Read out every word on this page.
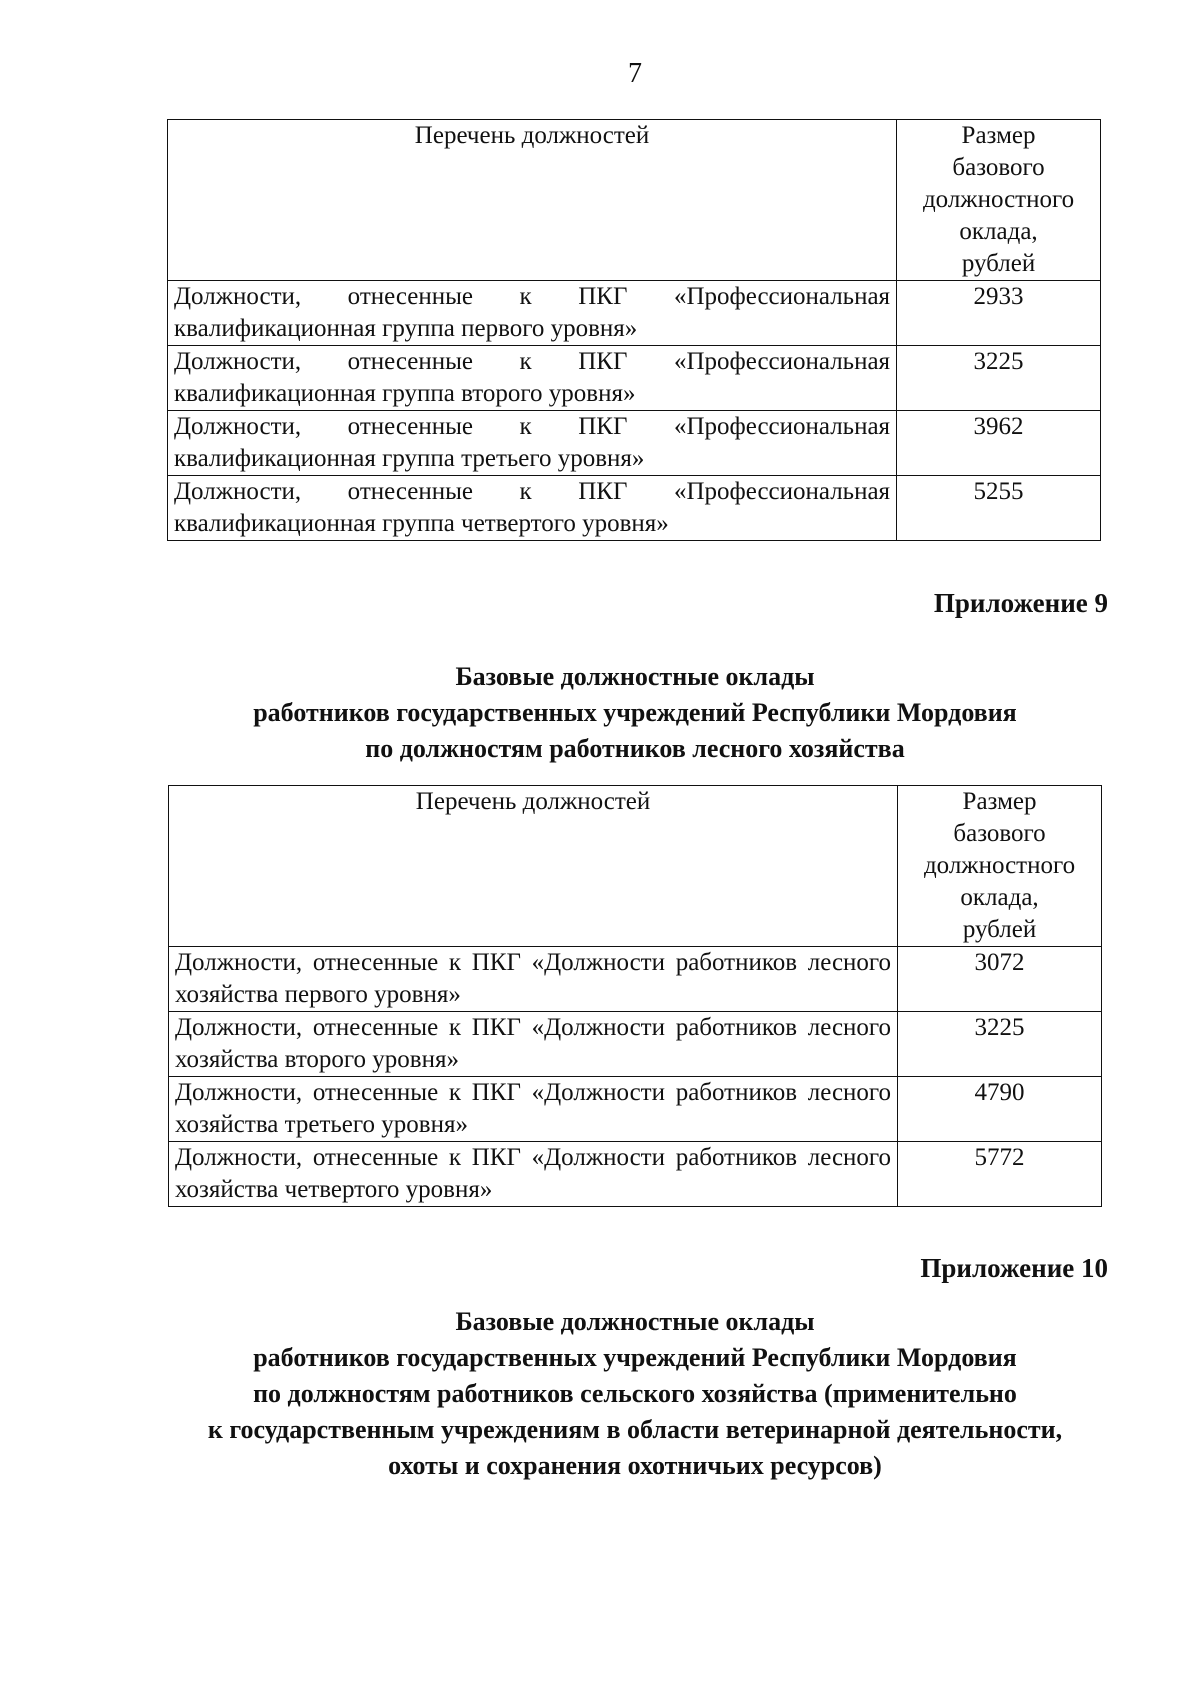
7
Перечень должностей	Размер
базового
должностного
оклада,
рублей

Должности, отнесенные к ПКГ «Профессиональная квалификационная группа первого уровня»	2933
Должности, отнесенные к ПКГ «Профессиональная квалификационная группа второго уровня»	3225
Должности, отнесенные к ПКГ «Профессиональная квалификационная группа третьего уровня»	3962
Должности, отнесенные к ПКГ «Профессиональная квалификационная группа четвертого уровня»	5255
Приложение 9
Базовые должностные оклады
работников государственных учреждений Республики Мордовия
по должностям работников лесного хозяйства
Перечень должностей	Размер
базового
должностного
оклада,
рублей

Должности, отнесенные к ПКГ «Должности работников лесного хозяйства первого уровня»	3072
Должности, отнесенные к ПКГ «Должности работников лесного хозяйства второго уровня»	3225
Должности, отнесенные к ПКГ «Должности работников лесного хозяйства третьего уровня»	4790
Должности, отнесенные к ПКГ «Должности работников лесного хозяйства четвертого уровня»	5772
Приложение 10
Базовые должностные оклады
работников государственных учреждений Республики Мордовия
по должностям работников сельского хозяйства (применительно
к государственным учреждениям в области ветеринарной деятельности,
охоты и сохранения охотничьих ресурсов)
